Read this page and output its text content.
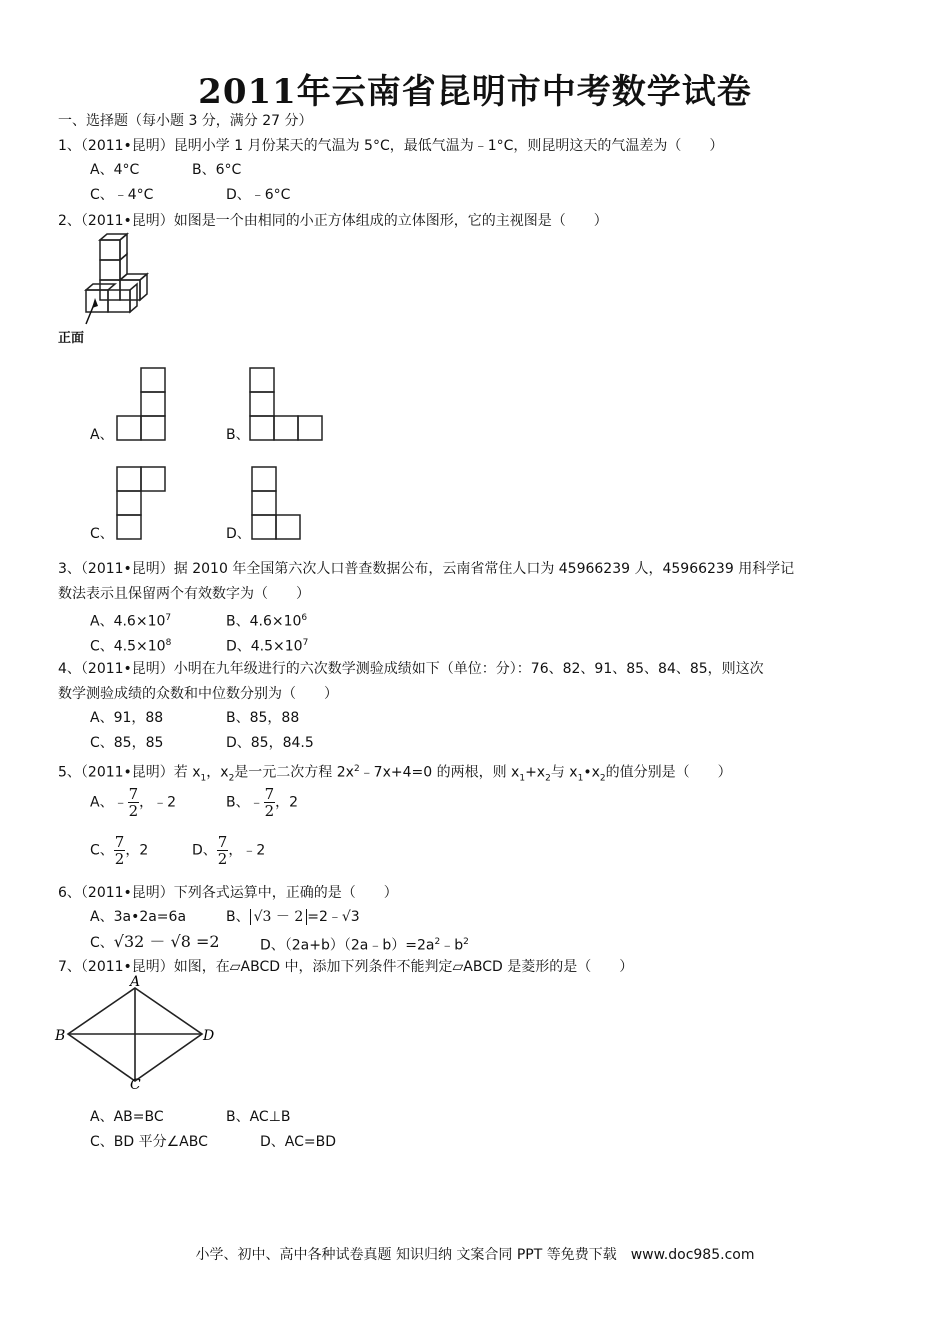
2011年云南省昆明市中考数学试卷
一、选择题（每小题 3 分，满分 27 分）
1、（2011•昆明）昆明小学 1 月份某天的气温为 5°C，最低气温为﹣1°C，则昆明这天的气温差为（　　）
A、4°C	B、6°C
C、﹣4°C	D、﹣6°C
2、（2011•昆明）如图是一个由相同的小正方体组成的立体图形，它的主视图是（　　）
正面
A、	B、
C、	D、
3、（2011•昆明）据 2010 年全国第六次人口普查数据公布，云南省常住人口为 45966239 人，45966239 用科学记
数法表示且保留两个有效数字为（　　）
A、$4.6\times 10^7$	B、$4.6\times 10^6$
C、$4.5\times 10^8$	D、$4.5\times 10^7$
4、（2011•昆明）小明在九年级进行的六次数学测验成绩如下（单位：分）：76、82、91、85、84、85，则这次
数学测验成绩的众数和中位数分别为（　　）
A、91，88	B、85，88
C、85，85	D、85，84.5
5、（2011•昆明）若 $x_1$，$x_2$是一元二次方程 $2x^2﹣7x+4=0$ 的两根，则 $x_1+x_2$与 $x_1•x_2$的值分别是（　　）
A、﹣ $\frac{7}{2}$ ，﹣2	B、﹣ $\frac{7}{2}$ ，2
C、 $\frac{7}{2}$ ，2	D、 $\frac{7}{2}$ ，﹣2
6、（2011•昆明）下列各式运算中，正确的是（　　）
A、3a•2a=6a	B、 √3 － 2 =2﹣√3
C、√32 － √8 =2	D、$(2a+b)(2a﹣b)=2a^2﹣b^2$
7、（2011•昆明）如图，在▱ABCD 中，添加下列条件不能判定▱ABCD 是菱形的是（　　）
A
B
C
D
A、AB=BC	B、AC⊥B
C、BD 平分∠ABC	D、AC=BD
小学、初中、高中各种试卷真题 知识归纳 文案合同 PPT 等免费下载　www.doc985.com
